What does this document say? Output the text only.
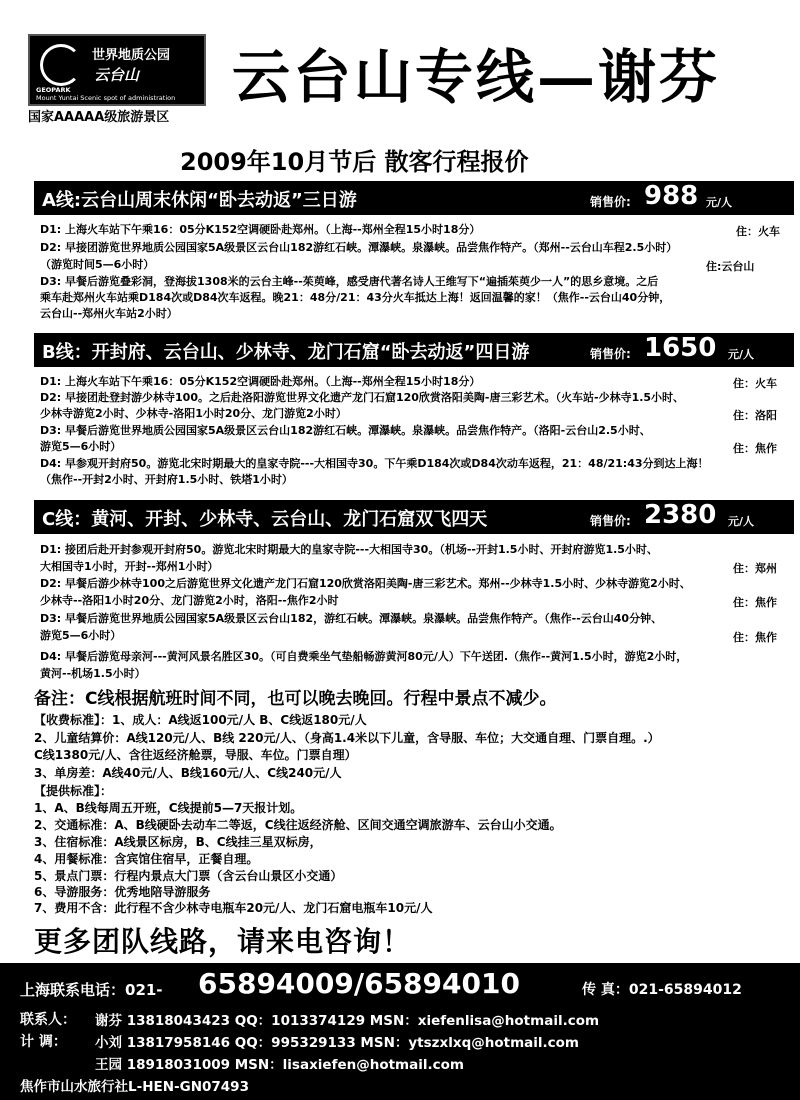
世界地质公园
云台山
GEOPARK
Mount Yuntai Scenic spot of administration
国家AAAAA级旅游景区
云台山专线—谢芬
2009年10月节后 散客行程报价
A线:云台山周末休闲“卧去动返”三日游	销售价: 988 元/人
D1: 上海火车站下午乘16：05分K152空调硬卧赴郑州。（上海--郑州全程15小时18分）	住：火车
D2: 早接团游览世界地质公园国家5A级景区云台山182游红石峡。潭瀑峡。泉瀑峡。品尝焦作特产。（郑州--云台山车程2.5小时）
（游览时间5—6小时）	住:云台山
D3: 早餐后游览叠彩洞，登海拔1308米的云台主峰--茱萸峰，感受唐代著名诗人王维写下“遍插茱萸少一人”的思乡意境。之后
乘车赴郑州火车站乘D184次或D84次车返程。晚21：48分/21：43分火车抵达上海！返回温馨的家！（焦作--云台山40分钟，
云台山--郑州火车站2小时）
B线：开封府、云台山、少林寺、龙门石窟“卧去动返”四日游	销售价: 1650 元/人
D1: 上海火车站下午乘16：05分K152空调硬卧赴郑州。（上海--郑州全程15小时18分）	住：火车
D2: 早接团赴登封游少林寺100。之后赴洛阳游览世界文化遗产龙门石窟120欣赏洛阳美陶-唐三彩艺术。（火车站-少林寺1.5小时、
少林寺游览2小时、少林寺-洛阳1小时20分、龙门游览2小时）	住：洛阳
D3: 早餐后游览世界地质公园国家5A级景区云台山182游红石峡。潭瀑峡。泉瀑峡。品尝焦作特产。（洛阳-云台山2.5小时、
游览5—6小时）	住：焦作
D4: 早参观开封府50。游览北宋时期最大的皇家寺院---大相国寺30。下午乘D184次或D84次动车返程，21：48/21:43分到达上海！
（焦作--开封2小时、开封府1.5小时、铁塔1小时）
C线：黄河、开封、少林寺、云台山、龙门石窟双飞四天	销售价: 2380 元/人
D1: 接团后赴开封参观开封府50。游览北宋时期最大的皇家寺院---大相国寺30。（机场--开封1.5小时、开封府游览1.5小时、
大相国寺1小时，开封--郑州1小时）	住：郑州
D2: 早餐后游少林寺100之后游览世界文化遗产龙门石窟120欣赏洛阳美陶-唐三彩艺术。郑州--少林寺1.5小时、少林寺游览2小时、
少林寺--洛阳1小时20分、龙门游览2小时，洛阳--焦作2小时	住：焦作
D3: 早餐后游览世界地质公园国家5A级景区云台山182，游红石峡。潭瀑峡。泉瀑峡。品尝焦作特产。（焦作--云台山40分钟、
游览5—6小时）	住：焦作
D4: 早餐后游览母亲河---黄河风景名胜区30。（可自费乘坐气垫船畅游黄河80元/人）下午送团.（焦作--黄河1.5小时，游览2小时，
黄河--机场1.5小时）
备注：C线根据航班时间不同，也可以晚去晚回。行程中景点不减少。
【收费标准】：1、成人：A线返100元/人 B、C线返180元/人
2、儿童结算价：A线120元/人、B线 220元/人、（身高1.4米以下儿童，含导服、车位；大交通自理、门票自理。.）
C线1380元/人、含往返经济舱票，导服、车位。门票自理）
3、单房差：A线40元/人、B线160元/人、C线240元/人
【提供标准】：
1、A、B线每周五开班，C线提前5—7天报计划。
2、交通标准：A、B线硬卧去动车二等返，C线往返经济舱、区间交通空调旅游车、云台山小交通。
3、住宿标准：A线景区标房，B、C线挂三星双标房，
4、用餐标准：含宾馆住宿早，正餐自理。
5、景点门票：行程内景点大门票（含云台山景区小交通）
6、导游服务：优秀地陪导游服务
7、费用不含：此行程不含少林寺电瓶车20元/人、龙门石窟电瓶车10元/人
更多团队线路，请来电咨询！
上海联系电话：021- 65894009/65894010	传 真：021-65894012
联系人：
计 调：
谢芬 13818043423 QQ：1013374129 MSN：xiefenlisa@hotmail.com
小刘 13817958146 QQ：995329133 MSN：ytszxlxq@hotmail.com
王园 18918031009 MSN：lisaxiefen@hotmail.com
焦作市山水旅行社L-HEN-GN07493
